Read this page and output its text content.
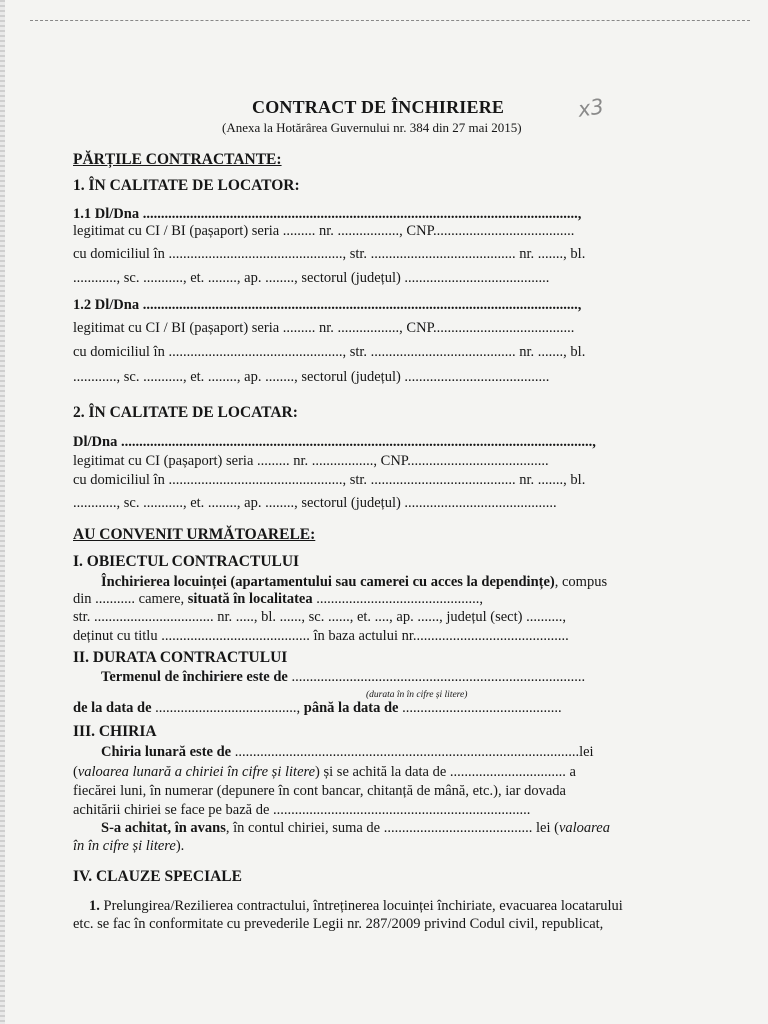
CONTRACT DE ÎNCHIRIERE
(Anexa la Hotărârea Guvernului nr. 384 din 27 mai 2015)
x3
PĂRȚILE CONTRACTANTE:
1. ÎN CALITATE DE LOCATOR:
1.1 Dl/Dna ........................................................................................................................,
legitimat cu CI / BI (pașaport) seria ......... nr. ................., CNP.......................................
cu domiciliul în ................................................, str. ........................................ nr. ......., bl.
............, sc. ..........., et. ........, ap. ........, sectorul (județul) ........................................
1.2 Dl/Dna ........................................................................................................................,
legitimat cu CI / BI (pașaport) seria ......... nr. ................., CNP.......................................
cu domiciliul în ................................................, str. ........................................ nr. ......., bl.
............, sc. ..........., et. ........, ap. ........, sectorul (județul) ........................................
2. ÎN CALITATE DE LOCATAR:
Dl/Dna ..................................................................................................................................,
legitimat cu CI (pașaport) seria ......... nr. ................., CNP.......................................
cu domiciliul în ................................................, str. ........................................ nr. ......., bl.
............, sc. ..........., et. ........, ap. ........, sectorul (județul) ..........................................
AU CONVENIT URMĂTOARELE:
I. OBIECTUL CONTRACTULUI
Închirierea locuinței (apartamentului sau camerei cu acces la dependințe), compus
din ........... camere, situată în localitatea .............................................,
str. ................................. nr. ....., bl. ......, sc. ......, et. ...., ap. ......, județul (sect) ..........,
deținut cu titlu ......................................... în baza actului nr...........................................
II. DURATA CONTRACTULUI
Termenul de închiriere este de .................................................................................
(durata în în cifre și litere)
de la data de ......................................., până la data de ............................................
III. CHIRIA
Chiria lunară este de ...............................................................................................lei
(valoarea lunară a chiriei în cifre și litere) și se achită la data de ................................ a
fiecărei luni, în numerar (depunere în cont bancar, chitanță de mână, etc.), iar dovada
achitării chiriei se face pe bază de .......................................................................
S-a achitat, în avans, în contul chiriei, suma de ......................................... lei (valoarea
în în cifre și litere).
IV. CLAUZE SPECIALE
1. Prelungirea/Rezilierea contractului, întreținerea locuinței închiriate, evacuarea locatarului
etc. se fac în conformitate cu prevederile Legii nr. 287/2009 privind Codul civil, republicat,
